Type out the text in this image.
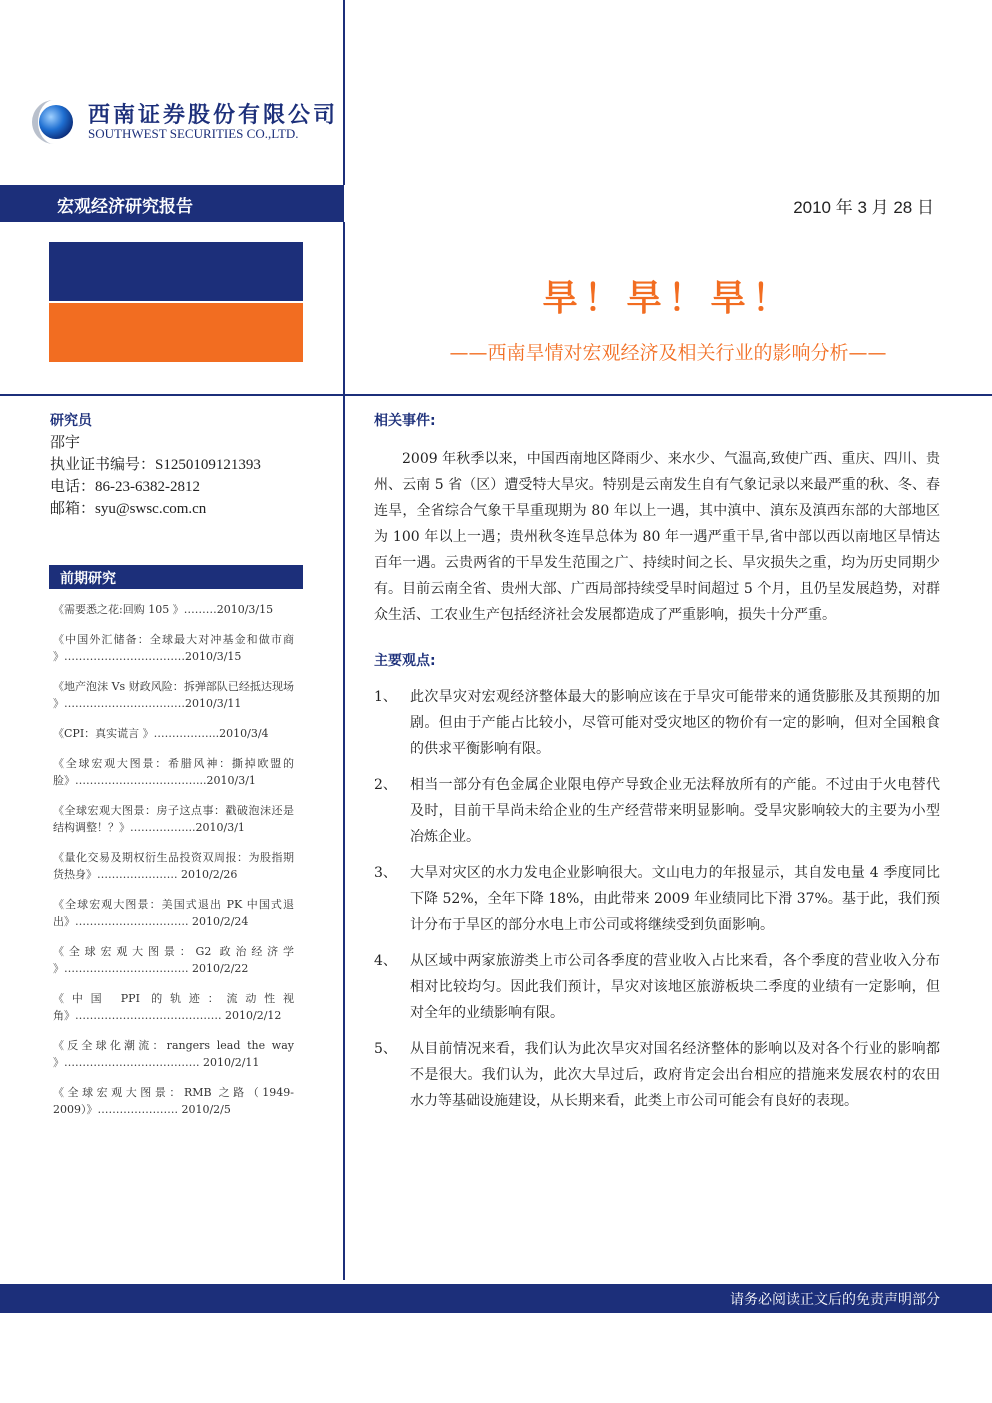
西南证券股份有限公司
SOUTHWEST SECURITIES CO.,LTD.
宏观经济研究报告	2010 年 3 月 28 日
旱！旱！旱！
——西南旱情对宏观经济及相关行业的影响分析——
研究员
邵宇
执业证书编号：S1250109121393
电话：86-23-6382-2812
邮箱：syu@swsc.com.cn
前期研究
《需要悉之花:回购 105 》………2010/3/15
《中国外汇储备：全球最大对冲基金和做市商 》……………………………2010/3/15
《地产泡沫 Vs 财政风险：拆弹部队已经抵达现场 》……………………………2010/3/11
《CPI：真实谎言 》……………...2010/3/4
《全球宏观大图景：希腊风神：撕掉欧盟的脸》……………………………...2010/3/1
《全球宏观大图景：房子这点事：戳破泡沫还是结构调整！？》……………...2010/3/1
《量化交易及期权衍生品投资双周报：为股指期货热身》…………………. 2010/2/26
《全球宏观大图景：美国式退出 PK 中国式退出》…………………………. 2010/2/24
《全球宏观大图景：G2 政治经济学 》……………………………. 2010/2/22
《中国 PPI 的轨迹：流动性视角》…………………………………. 2010/2/12
《反全球化潮流：rangers lead the way 》………………………………. 2010/2/11
《全球宏观大图景：RMB 之路（1949-2009）》…………………. 2010/2/5
相关事件:

2009 年秋季以来，中国西南地区降雨少、来水少、气温高,致使广西、重庆、四川、贵州、云南 5 省（区）遭受特大旱灾。特别是云南发生自有气象记录以来最严重的秋、冬、春连旱，全省综合气象干旱重现期为 80 年以上一遇，其中滇中、滇东及滇西东部的大部地区为 100 年以上一遇；贵州秋冬连旱总体为 80 年一遇严重干旱,省中部以西以南地区旱情达百年一遇。云贵两省的干旱发生范围之广、持续时间之长、旱灾损失之重，均为历史同期少有。目前云南全省、贵州大部、广西局部持续受旱时间超过 5 个月，且仍呈发展趋势，对群众生活、工农业生产包括经济社会发展都造成了严重影响，损失十分严重。

主要观点:
1、 此次旱灾对宏观经济整体最大的影响应该在于旱灾可能带来的通货膨胀及其预期的加剧。但由于产能占比较小，尽管可能对受灾地区的物价有一定的影响，但对全国粮食的供求平衡影响有限。
2、 相当一部分有色金属企业限电停产导致企业无法释放所有的产能。不过由于火电替代及时，目前干旱尚未给企业的生产经营带来明显影响。受旱灾影响较大的主要为小型冶炼企业。
3、 大旱对灾区的水力发电企业影响很大。文山电力的年报显示，其自发电量 4 季度同比下降 52%，全年下降 18%，由此带来 2009 年业绩同比下滑 37%。基于此，我们预计分布于旱区的部分水电上市公司或将继续受到负面影响。
4、 从区域中两家旅游类上市公司各季度的营业收入占比来看，各个季度的营业收入分布相对比较均匀。因此我们预计，旱灾对该地区旅游板块二季度的业绩有一定影响，但对全年的业绩影响有限。
5、 从目前情况来看，我们认为此次旱灾对国名经济整体的影响以及对各个行业的影响都不是很大。我们认为，此次大旱过后，政府肯定会出台相应的措施来发展农村的农田水力等基础设施建设，从长期来看，此类上市公司可能会有良好的表现。
请务必阅读正文后的免责声明部分
